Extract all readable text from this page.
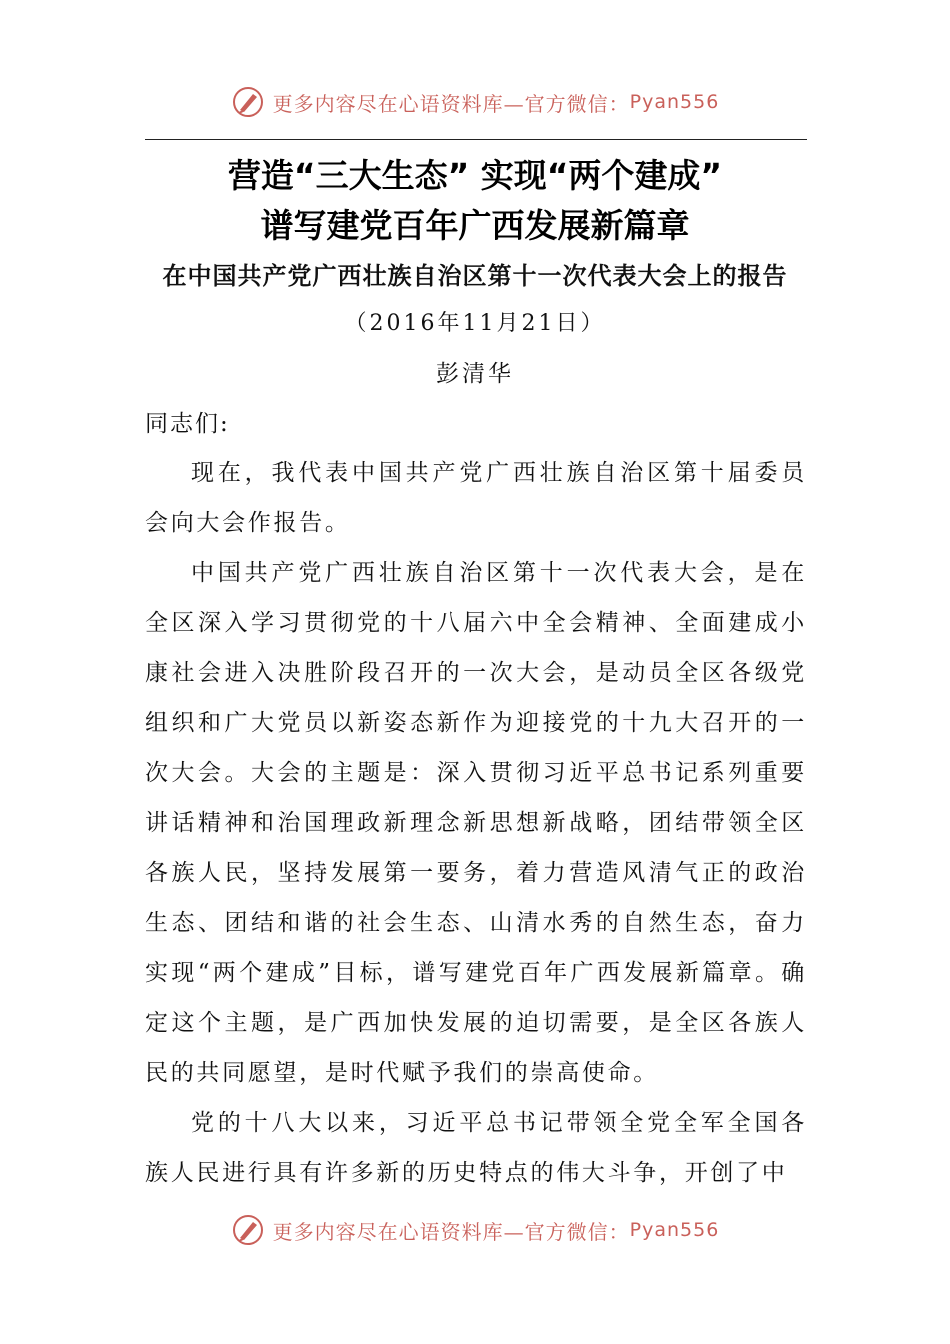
更多内容尽在心语资料库—官方微信： Pyan556
营造“三大生态” 实现“两个建成”
谱写建党百年广西发展新篇章
在中国共产党广西壮族自治区第十一次代表大会上的报告
（2016年11月21日）
彭清华
同志们:

现在，我代表中国共产党广西壮族自治区第十届委员会向大会作报告。

中国共产党广西壮族自治区第十一次代表大会，是在全区深入学习贯彻党的十八届六中全会精神、全面建成小康社会进入决胜阶段召开的一次大会，是动员全区各级党组织和广大党员以新姿态新作为迎接党的十九大召开的一次大会。大会的主题是：深入贯彻习近平总书记系列重要讲话精神和治国理政新理念新思想新战略，团结带领全区各族人民，坚持发展第一要务，着力营造风清气正的政治生态、团结和谐的社会生态、山清水秀的自然生态，奋力实现“两个建成”目标，谱写建党百年广西发展新篇章。确定这个主题，是广西加快发展的迫切需要，是全区各族人民的共同愿望，是时代赋予我们的崇高使命。

党的十八大以来，习近平总书记带领全党全军全国各族人民进行具有许多新的历史特点的伟大斗争，开创了中

更多内容尽在心语资料库—官方微信： Pyan556
